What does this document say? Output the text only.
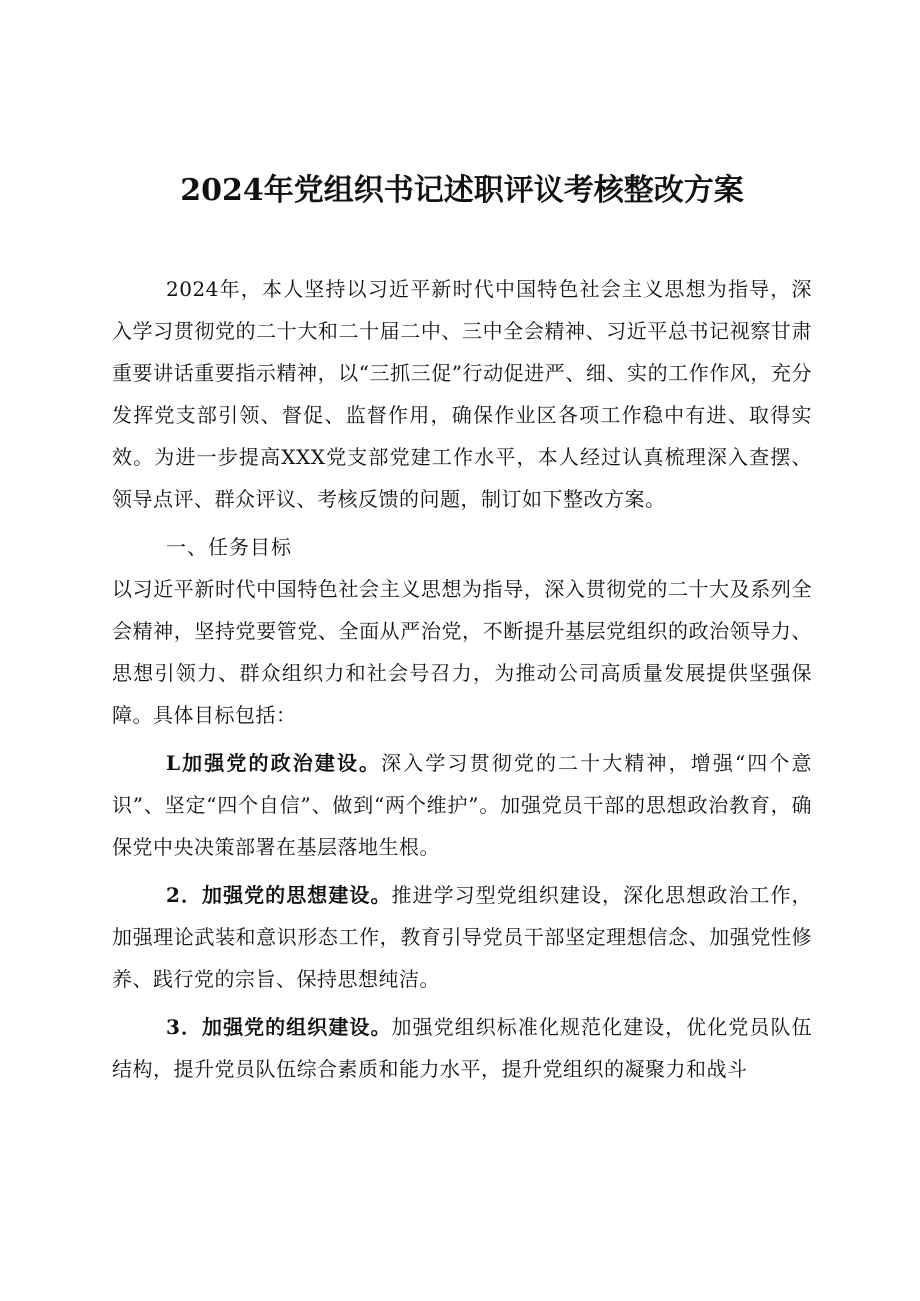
2024年党组织书记述职评议考核整改方案

2024年，本人坚持以习近平新时代中国特色社会主义思想为指导，深入学习贯彻党的二十大和二十届二中、三中全会精神、习近平总书记视察甘肃重要讲话重要指示精神，以“三抓三促”行动促进严、细、实的工作作风，充分发挥党支部引领、督促、监督作用，确保作业区各项工作稳中有进、取得实效。为进一步提高XXX党支部党建工作水平，本人经过认真梳理深入查摆、领导点评、群众评议、考核反馈的问题，制订如下整改方案。

一、任务目标

以习近平新时代中国特色社会主义思想为指导，深入贯彻党的二十大及系列全会精神，坚持党要管党、全面从严治党，不断提升基层党组织的政治领导力、思想引领力、群众组织力和社会号召力，为推动公司高质量发展提供坚强保障。具体目标包括：

L加强党的政治建设。深入学习贯彻党的二十大精神，增强“四个意识”、坚定“四个自信”、做到“两个维护”。加强党员干部的思想政治教育，确保党中央决策部署在基层落地生根。

2．加强党的思想建设。推进学习型党组织建设，深化思想政治工作，加强理论武装和意识形态工作，教育引导党员干部坚定理想信念、加强党性修养、践行党的宗旨、保持思想纯洁。

3．加强党的组织建设。加强党组织标准化规范化建设，优化党员队伍结构，提升党员队伍综合素质和能力水平，提升党组织的凝聚力和战斗
